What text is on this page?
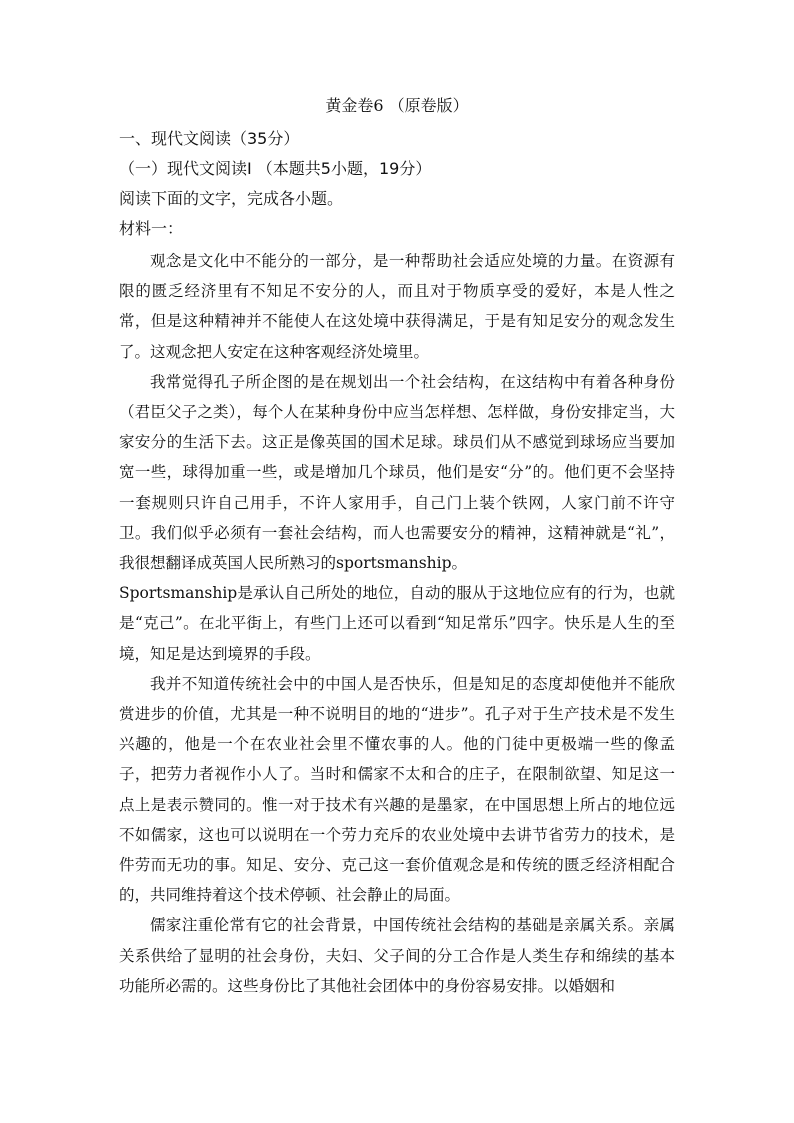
黄金卷6 （原卷版）
一、现代文阅读（35分）
（一）现代文阅读Ⅰ （本题共5小题，19分）
阅读下面的文字，完成各小题。
材料一：

观念是文化中不能分的一部分，是一种帮助社会适应处境的力量。在资源有限的匮乏经济里有不知足不安分的人，而且对于物质享受的爱好，本是人性之常，但是这种精神并不能使人在这处境中获得满足，于是有知足安分的观念发生了。这观念把人安定在这种客观经济处境里。

我常觉得孔子所企图的是在规划出一个社会结构，在这结构中有着各种身份（君臣父子之类），每个人在某种身份中应当怎样想、怎样做，身份安排定当，大家安分的生活下去。这正是像英国的国术足球。球员们从不感觉到球场应当要加宽一些，球得加重一些，或是增加几个球员，他们是安“分”的。他们更不会坚持一套规则只许自己用手，不许人家用手，自己门上装个铁网，人家门前不许守卫。我们似乎必须有一套社会结构，而人也需要安分的精神，这精神就是“礼”，我很想翻译成英国人民所熟习的sportsmanship。

Sportsmanship是承认自己所处的地位，自动的服从于这地位应有的行为，也就是“克己”。在北平街上，有些门上还可以看到“知足常乐”四字。快乐是人生的至境，知足是达到境界的手段。

我并不知道传统社会中的中国人是否快乐，但是知足的态度却使他并不能欣赏进步的价值，尤其是一种不说明目的地的“进步”。孔子对于生产技术是不发生兴趣的，他是一个在农业社会里不懂农事的人。他的门徒中更极端一些的像孟子，把劳力者视作小人了。当时和儒家不太和合的庄子，在限制欲望、知足这一点上是表示赞同的。惟一对于技术有兴趣的是墨家，在中国思想上所占的地位远不如儒家，这也可以说明在一个劳力充斥的农业处境中去讲节省劳力的技术，是件劳而无功的事。知足、安分、克己这一套价值观念是和传统的匮乏经济相配合的，共同维持着这个技术停顿、社会静止的局面。

儒家注重伦常有它的社会背景，中国传统社会结构的基础是亲属关系。亲属关系供给了显明的社会身份，夫妇、父子间的分工合作是人类生存和绵续的基本功能所必需的。这些身份比了其他社会团体中的身份容易安排。以婚姻和
